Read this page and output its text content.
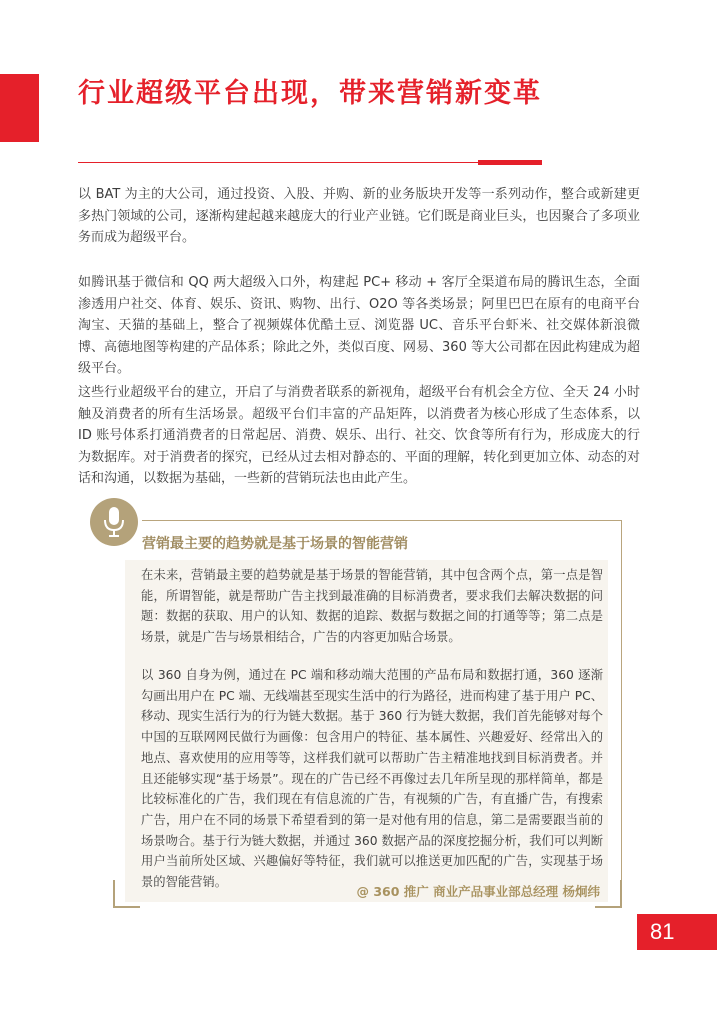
行业超级平台出现，带来营销新变革

以 BAT 为主的大公司，通过投资、入股、并购、新的业务版块开发等一系列动作，整合或新建更多热门领域的公司，逐渐构建起越来越庞大的行业产业链。它们既是商业巨头，也因聚合了多项业务而成为超级平台。

如腾讯基于微信和 QQ 两大超级入口外，构建起 PC+ 移动 + 客厅全渠道布局的腾讯生态，全面渗透用户社交、体育、娱乐、资讯、购物、出行、O2O 等各类场景；阿里巴巴在原有的电商平台淘宝、天猫的基础上，整合了视频媒体优酷土豆、浏览器 UC、音乐平台虾米、社交媒体新浪微博、高德地图等构建的产品体系；除此之外，类似百度、网易、360 等大公司都在因此构建成为超级平台。

这些行业超级平台的建立，开启了与消费者联系的新视角，超级平台有机会全方位、全天 24 小时触及消费者的所有生活场景。超级平台们丰富的产品矩阵，以消费者为核心形成了生态体系，以 ID 账号体系打通消费者的日常起居、消费、娱乐、出行、社交、饮食等所有行为，形成庞大的行为数据库。对于消费者的探究，已经从过去相对静态的、平面的理解，转化到更加立体、动态的对话和沟通，以数据为基础，一些新的营销玩法也由此产生。

营销最主要的趋势就是基于场景的智能营销

在未来，营销最主要的趋势就是基于场景的智能营销，其中包含两个点，第一点是智能，所谓智能，就是帮助广告主找到最准确的目标消费者，要求我们去解决数据的问题：数据的获取、用户的认知、数据的追踪、数据与数据之间的打通等等；第二点是场景，就是广告与场景相结合，广告的内容更加贴合场景。

以 360 自身为例，通过在 PC 端和移动端大范围的产品布局和数据打通，360 逐渐勾画出用户在 PC 端、无线端甚至现实生活中的行为路径，进而构建了基于用户 PC、移动、现实生活行为的行为链大数据。基于 360 行为链大数据，我们首先能够对每个中国的互联网网民做行为画像：包含用户的特征、基本属性、兴趣爱好、经常出入的地点、喜欢使用的应用等等，这样我们就可以帮助广告主精准地找到目标消费者。并且还能够实现“基于场景”。现在的广告已经不再像过去几年所呈现的那样简单，都是比较标准化的广告，我们现在有信息流的广告，有视频的广告，有直播广告，有搜索广告，用户在不同的场景下希望看到的第一是对他有用的信息，第二是需要跟当前的场景吻合。基于行为链大数据，并通过 360 数据产品的深度挖掘分析，我们可以判断用户当前所处区域、兴趣偏好等特征，我们就可以推送更加匹配的广告，实现基于场景的智能营销。

@ 360 推广 商业产品事业部总经理 杨炯纬
81
